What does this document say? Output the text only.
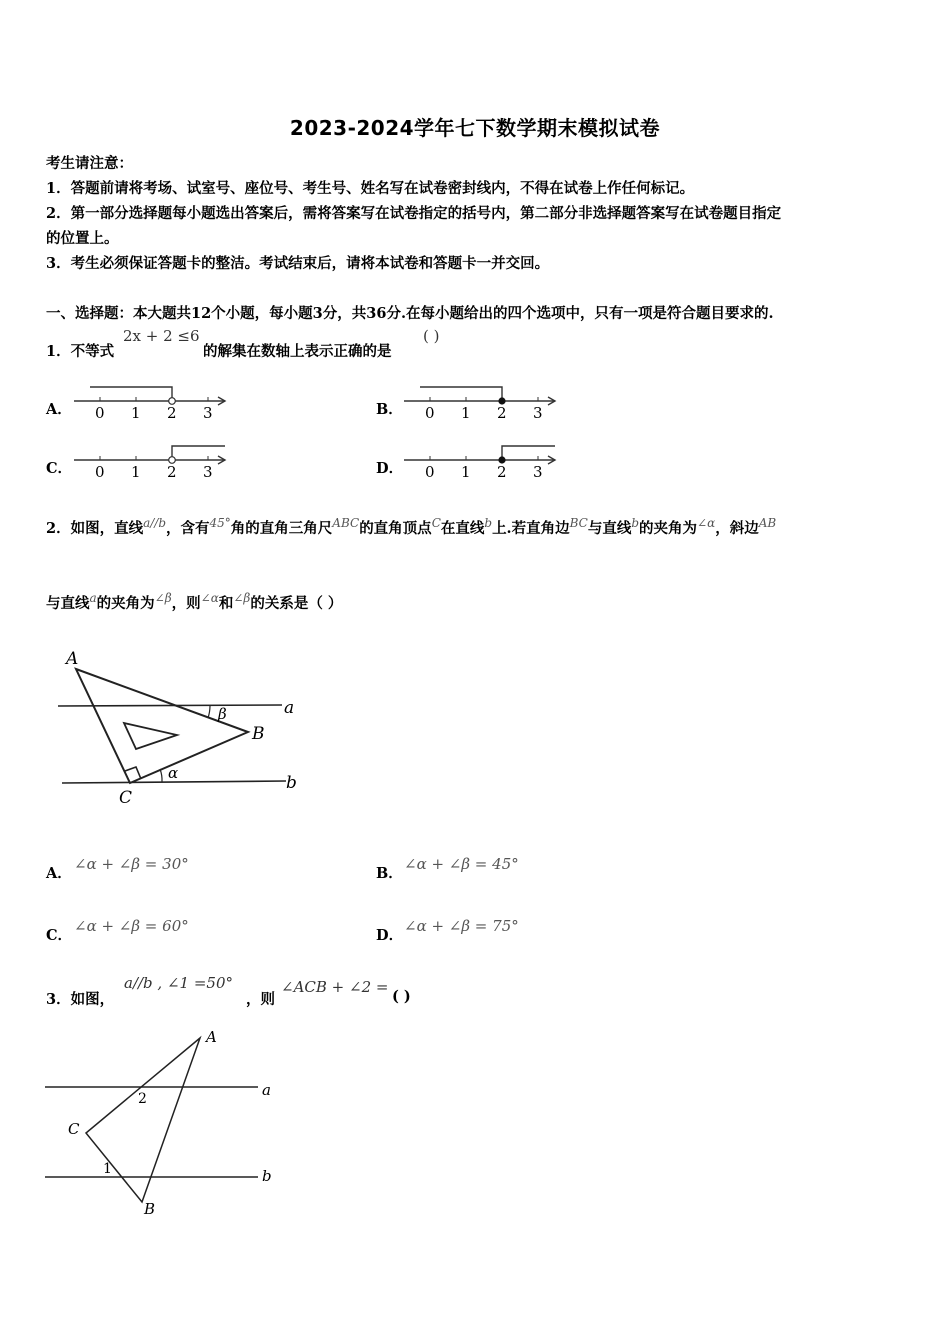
2023-2024学年七下数学期末模拟试卷
考生请注意：
1．答题前请将考场、试室号、座位号、考生号、姓名写在试卷密封线内，不得在试卷上作任何标记。
2．第一部分选择题每小题选出答案后，需将答案写在试卷指定的括号内，第二部分非选择题答案写在试卷题目指定
的位置上。
3．考生必须保证答题卡的整洁。考试结束后，请将本试卷和答题卡一并交回。
一、选择题：本大题共12个小题，每小题3分，共36分.在每小题给出的四个选项中，只有一项是符合题目要求的.
1．不等式
2x + 2 ≤6
的解集在数轴上表示正确的是
( )
A．	B．
C．	D．
0 1 2 3	0 1 2 3
0 1 2 3	0 1 2 3
2．如图，直线$^{a//b}$，含有$^{45^\circ}$角的直角三角尺$^{ABC}$的直角顶点$^C$在直线$^b$上.若直角边$^{BC}$与直线$^b$的夹角为$^{\angle\alpha}$，斜边$^{AB}$
与直线$^a$的夹角为$^{\angle\beta}$，则$^{\angle\alpha}$和$^{\angle\beta}$的关系是（ ）
A
B
C
a
b
β
α
A．
∠α + ∠β = 30°
B．
∠α + ∠β = 45°
C．
∠α + ∠β = 60°
D．
∠α + ∠β = 75°
3．如图，
a//b , ∠1 =50°
，则
∠ACB + ∠2 =
( )
A
B
C
a
b
1
2
